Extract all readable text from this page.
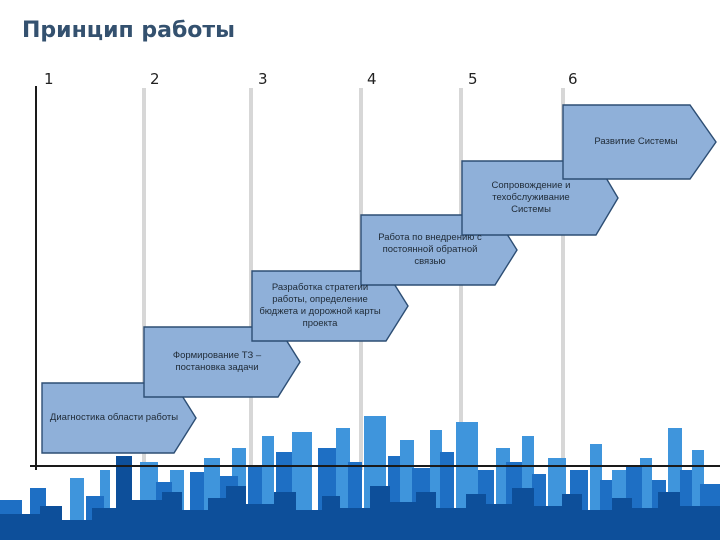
Принцип работы
1	2	3	4	5	6
Диагностика области работы
Формирование ТЗ – постановка задачи
Разработка стратегии работы, определение бюджета и дорожной карты проекта
Работа по внедрению с постоянной обратной связью
Сопровождение и техобслуживание Системы
Развитие Системы
